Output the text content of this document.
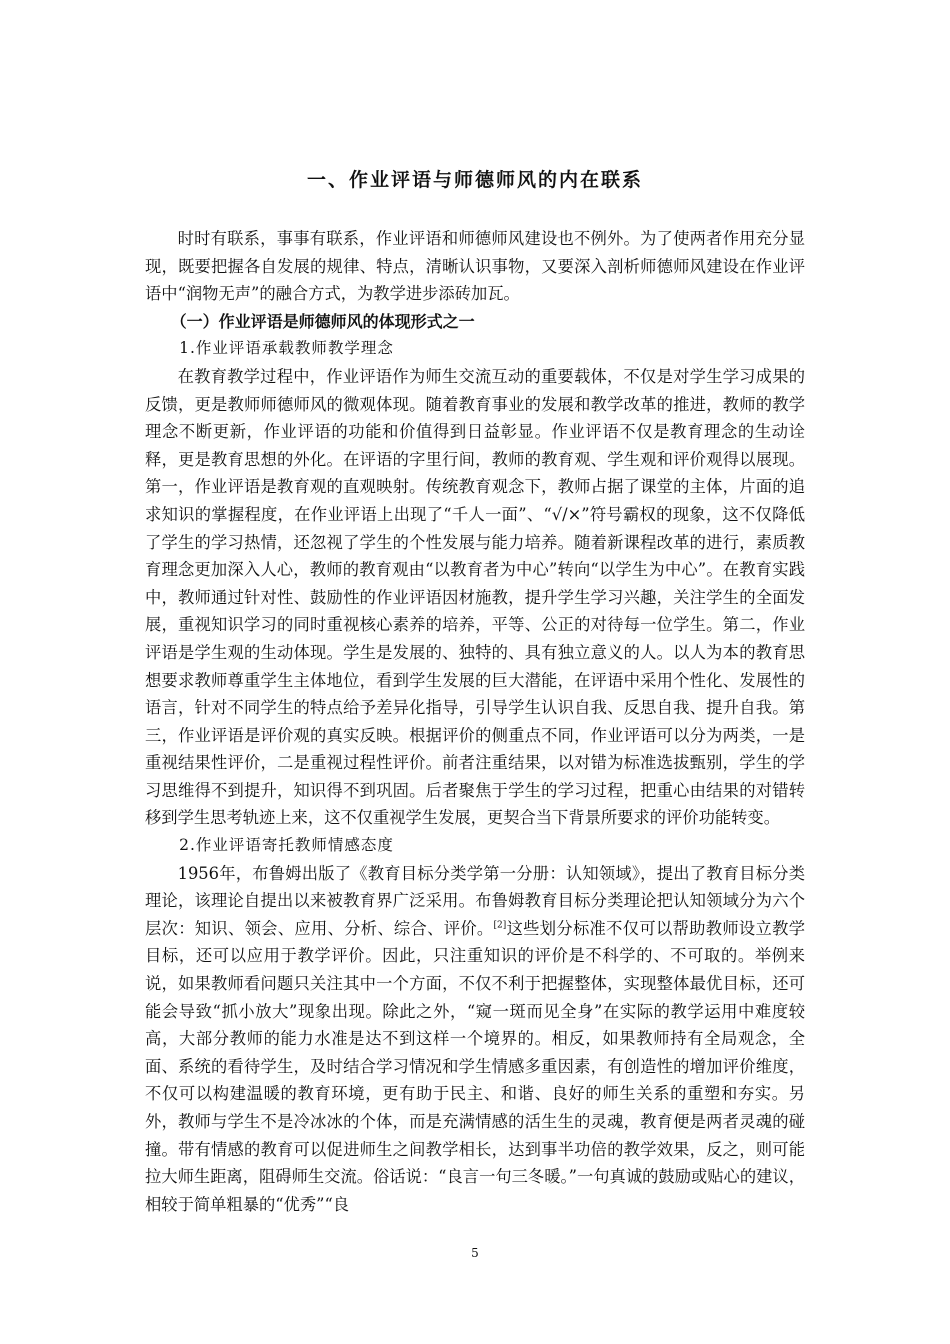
一、作业评语与师德师风的内在联系

时时有联系，事事有联系，作业评语和师德师风建设也不例外。为了使两者作用充分显现，既要把握各自发展的规律、特点，清晰认识事物，又要深入剖析师德师风建设在作业评语中“润物无声”的融合方式，为教学进步添砖加瓦。

（一）作业评语是师德师风的体现形式之一

1.作业评语承载教师教学理念

在教育教学过程中，作业评语作为师生交流互动的重要载体，不仅是对学生学习成果的反馈，更是教师师德师风的微观体现。随着教育事业的发展和教学改革的推进，教师的教学理念不断更新，作业评语的功能和价值得到日益彰显。作业评语不仅是教育理念的生动诠释，更是教育思想的外化。在评语的字里行间，教师的教育观、学生观和评价观得以展现。第一，作业评语是教育观的直观映射。传统教育观念下，教师占据了课堂的主体，片面的追求知识的掌握程度，在作业评语上出现了“千人一面”、“√/×”符号霸权的现象，这不仅降低了学生的学习热情，还忽视了学生的个性发展与能力培养。随着新课程改革的进行，素质教育理念更加深入人心，教师的教育观由“以教育者为中心”转向“以学生为中心”。在教育实践中，教师通过针对性、鼓励性的作业评语因材施教，提升学生学习兴趣，关注学生的全面发展，重视知识学习的同时重视核心素养的培养，平等、公正的对待每一位学生。第二，作业评语是学生观的生动体现。学生是发展的、独特的、具有独立意义的人。以人为本的教育思想要求教师尊重学生主体地位，看到学生发展的巨大潜能，在评语中采用个性化、发展性的语言，针对不同学生的特点给予差异化指导，引导学生认识自我、反思自我、提升自我。第三，作业评语是评价观的真实反映。根据评价的侧重点不同，作业评语可以分为两类，一是重视结果性评价，二是重视过程性评价。前者注重结果，以对错为标准选拔甄别，学生的学习思维得不到提升，知识得不到巩固。后者聚焦于学生的学习过程，把重心由结果的对错转移到学生思考轨迹上来，这不仅重视学生发展，更契合当下背景所要求的评价功能转变。

2.作业评语寄托教师情感态度

1956年，布鲁姆出版了《教育目标分类学第一分册：认知领域》，提出了教育目标分类理论，该理论自提出以来被教育界广泛采用。布鲁姆教育目标分类理论把认知领域分为六个层次：知识、领会、应用、分析、综合、评价。[2]这些划分标准不仅可以帮助教师设立教学目标，还可以应用于教学评价。因此，只注重知识的评价是不科学的、不可取的。举例来说，如果教师看问题只关注其中一个方面，不仅不利于把握整体，实现整体最优目标，还可能会导致“抓小放大”现象出现。除此之外，“窥一斑而见全身”在实际的教学运用中难度较高，大部分教师的能力水准是达不到这样一个境界的。相反，如果教师持有全局观念，全面、系统的看待学生，及时结合学习情况和学生情感多重因素，有创造性的增加评价维度，不仅可以构建温暖的教育环境，更有助于民主、和谐、良好的师生关系的重塑和夯实。另外，教师与学生不是冷冰冰的个体，而是充满情感的活生生的灵魂，教育便是两者灵魂的碰撞。带有情感的教育可以促进师生之间教学相长，达到事半功倍的教学效果，反之，则可能拉大师生距离，阻碍师生交流。俗话说：“良言一句三冬暖。”一句真诚的鼓励或贴心的建议，相较于简单粗暴的“优秀”“良

5
